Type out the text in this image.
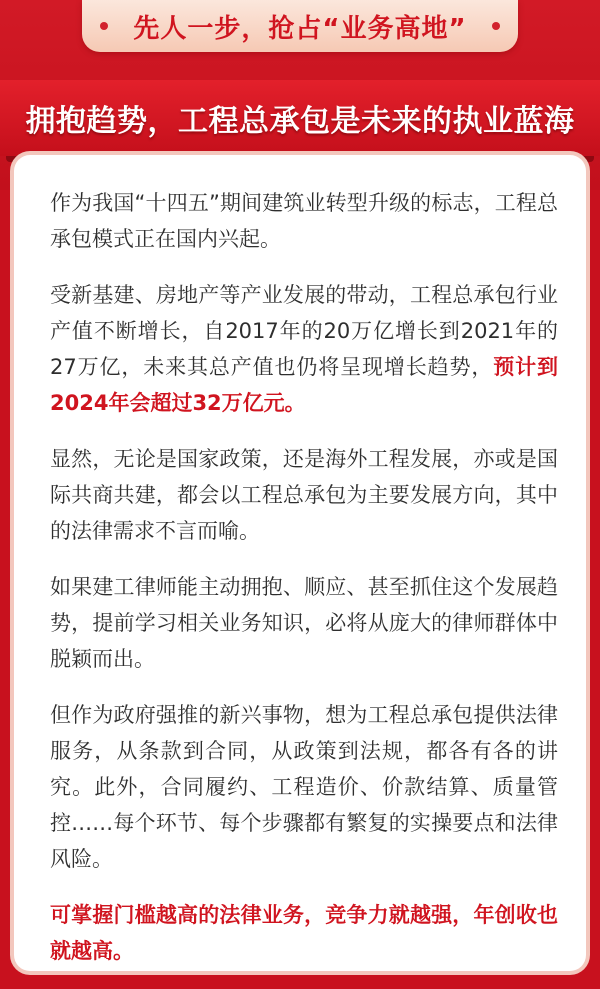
先人一步，抢占“业务高地”
拥抱趋势，工程总承包是未来的执业蓝海

作为我国“十四五”期间建筑业转型升级的标志，工程总承包模式正在国内兴起。

受新基建、房地产等产业发展的带动，工程总承包行业产值不断增长，自2017年的20万亿增长到2021年的27万亿，未来其总产值也仍将呈现增长趋势，预计到2024年会超过32万亿元。

显然，无论是国家政策，还是海外工程发展，亦或是国际共商共建，都会以工程总承包为主要发展方向，其中的法律需求不言而喻。

如果建工律师能主动拥抱、顺应、甚至抓住这个发展趋势，提前学习相关业务知识，必将从庞大的律师群体中脱颖而出。

但作为政府强推的新兴事物，想为工程总承包提供法律服务，从条款到合同，从政策到法规，都各有各的讲究。此外，合同履约、工程造价、价款结算、质量管控……每个环节、每个步骤都有繁复的实操要点和法律风险。

可掌握门槛越高的法律业务，竞争力就越强，年创收也就越高。
